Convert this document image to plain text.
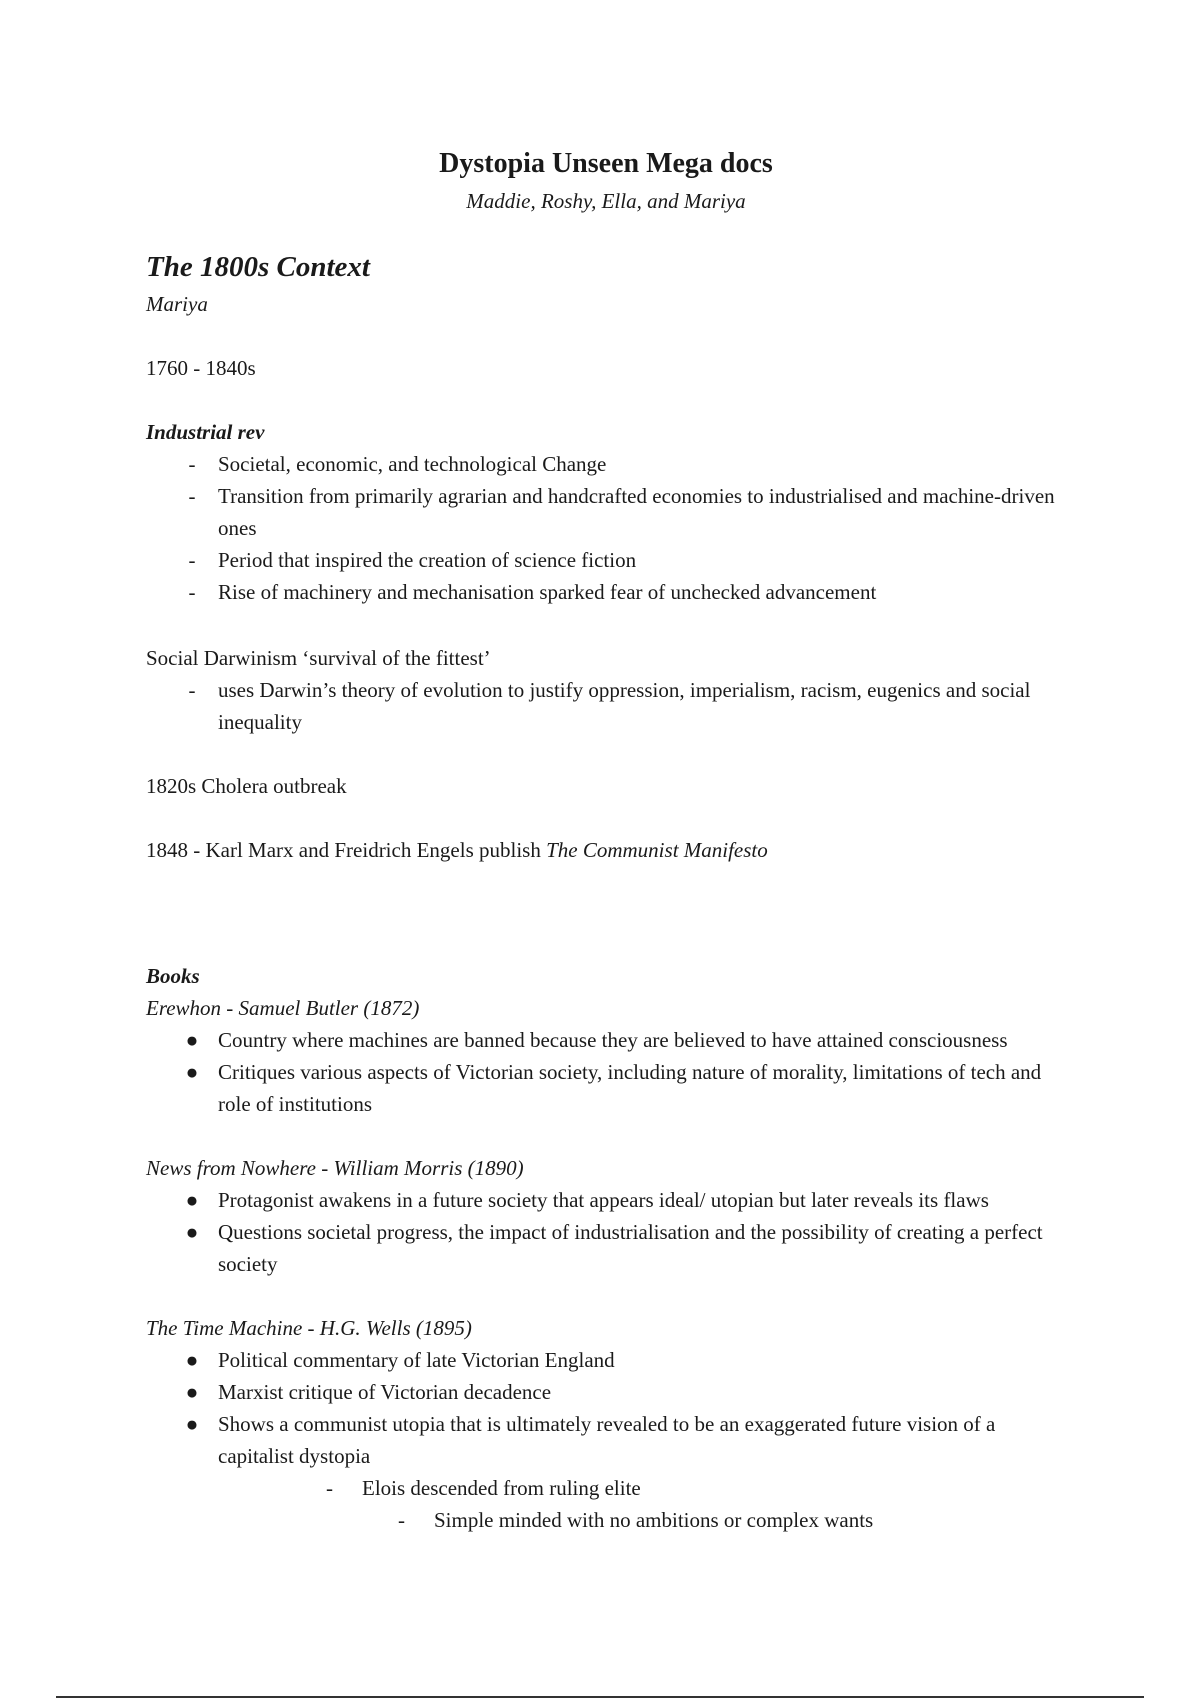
Dystopia Unseen Mega docs
Maddie, Roshy, Ella, and Mariya
The 1800s Context
Mariya
1760 - 1840s
Industrial rev
-	Societal, economic, and technological Change
-	Transition from primarily agrarian and handcrafted economies to industrialised and machine-driven ones
-	Period that inspired the creation of science fiction
-	Rise of machinery and mechanisation sparked fear of unchecked advancement
Social Darwinism ‘survival of the fittest’
-	uses Darwin’s theory of evolution to justify oppression, imperialism, racism, eugenics and social inequality
1820s Cholera outbreak
1848 - Karl Marx and Freidrich Engels publish The Communist Manifesto
Books
Erewhon - Samuel Butler (1872)
● Country where machines are banned because they are believed to have attained consciousness
● Critiques various aspects of Victorian society, including nature of morality, limitations of tech and role of institutions
News from Nowhere - William Morris (1890)
● Protagonist awakens in a future society that appears ideal/ utopian but later reveals its flaws
● Questions societal progress, the impact of industrialisation and the possibility of creating a perfect society
The Time Machine - H.G. Wells (1895)
● Political commentary of late Victorian England
● Marxist critique of Victorian decadence
● Shows a communist utopia that is ultimately revealed to be an exaggerated future vision of a capitalist dystopia
- Elois descended from ruling elite
- Simple minded with no ambitions or complex wants
